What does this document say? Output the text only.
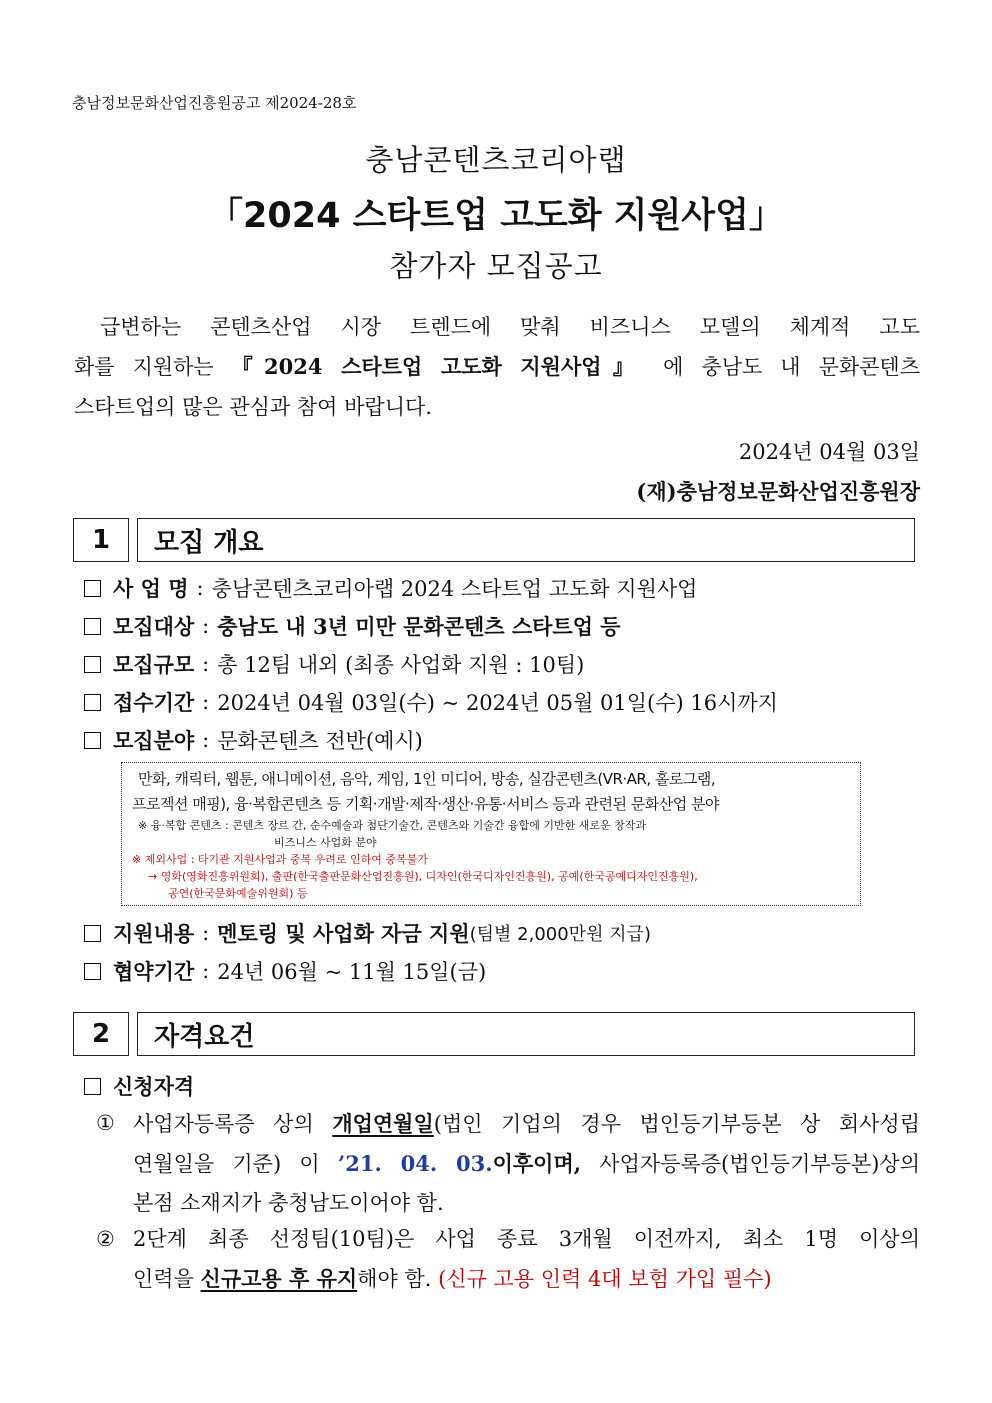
충남정보문화산업진흥원공고 제2024-28호
충남콘텐츠코리아랩
「2024 스타트업 고도화 지원사업」
참가자 모집공고
급변하는 콘텐츠산업 시장 트렌드에 맞춰 비즈니스 모델의 체계적 고도
화를 지원하는 『2024 스타트업 고도화 지원사업』 에 충남도 내 문화콘텐츠
스타트업의 많은 관심과 참여 바랍니다.
2024년 04월 03일
(재)충남정보문화산업진흥원장
1	모집 개요
사 업 명 : 충남콘텐츠코리아랩 2024 스타트업 고도화 지원사업
모집대상 : 충남도 내 3년 미만 문화콘텐츠 스타트업 등
모집규모 : 총 12팀 내외 (최종 사업화 지원 : 10팀)
접수기간 : 2024년 04월 03일(수) ~ 2024년 05월 01일(수) 16시까지
모집분야 : 문화콘텐츠 전반(예시)
만화, 캐릭터, 웹툰, 애니메이션, 음악, 게임, 1인 미디어, 방송, 실감콘텐츠(VR·AR, 홀로그램,
프로젝션 매핑), 융·복합콘텐츠 등 기획·개발·제작·생산·유통·서비스 등과 관련된 문화산업 분야
※ 융·복합 콘텐츠 : 콘텐츠 장르 간, 순수예술과 첨단기술간, 콘텐츠와 기술간 융합에 기반한 새로운 창작과
비즈니스 사업화 분야
※ 제외사업 : 타기관 지원사업과 중복 우려로 인하여 중복불가
→ 영화(영화진흥위원회), 출판(한국출판문화산업진흥원), 디자인(한국디자인진흥원), 공예(한국공예디자인진흥원),
공연(한국문화예술위원회) 등
지원내용 : 멘토링 및 사업화 자금 지원 (팀별 2,000만원 지급)
협약기간 : 24년 06월 ~ 11월 15일(금)
2	자격요건
신청자격
① 사업자등록증 상의 개업연월일(법인 기업의 경우 법인등기부등본 상 회사성립
연월일을 기준) 이 ’21. 04. 03.이후이며, 사업자등록증(법인등기부등본)상의
본점 소재지가 충청남도이어야 함.
② 2단계 최종 선정팀(10팀)은 사업 종료 3개월 이전까지, 최소 1명 이상의
인력을 신규고용 후 유지해야 함. (신규 고용 인력 4대 보험 가입 필수)
